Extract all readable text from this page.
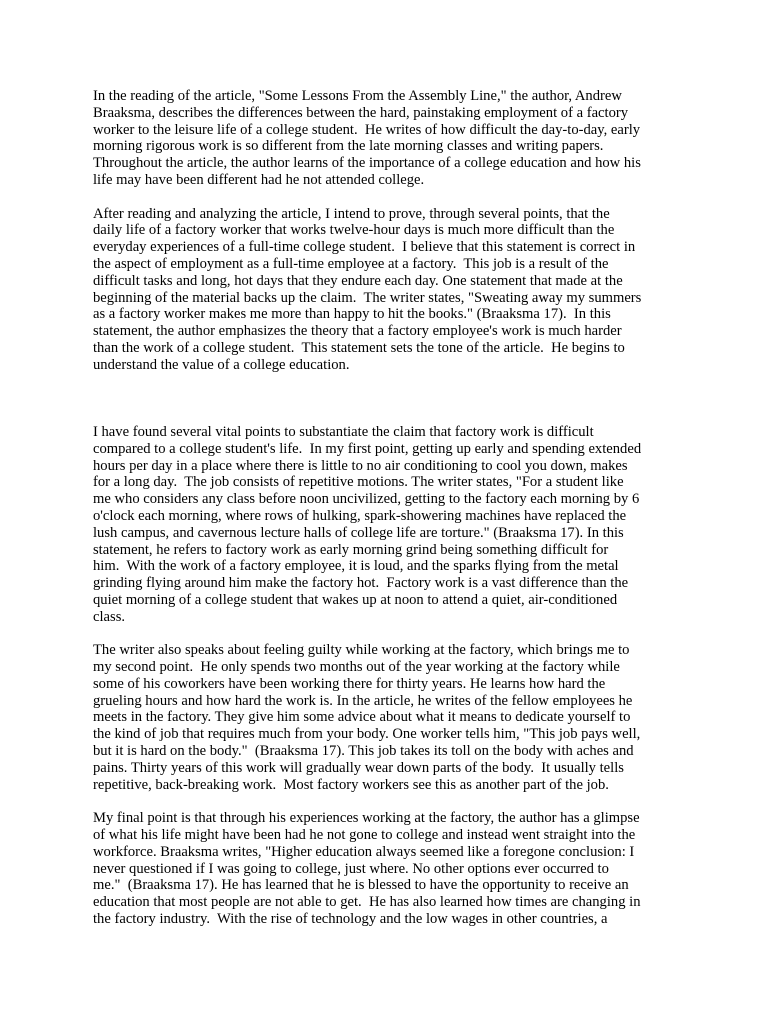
In the reading of the article, "Some Lessons From the Assembly Line," the author, Andrew
Braaksma, describes the differences between the hard, painstaking employment of a factory
worker to the leisure life of a college student.  He writes of how difficult the day-to-day, early
morning rigorous work is so different from the late morning classes and writing papers.
Throughout the article, the author learns of the importance of a college education and how his
life may have been different had he not attended college.
After reading and analyzing the article, I intend to prove, through several points, that the
daily life of a factory worker that works twelve-hour days is much more difficult than the
everyday experiences of a full-time college student.  I believe that this statement is correct in
the aspect of employment as a full-time employee at a factory.  This job is a result of the
difficult tasks and long, hot days that they endure each day. One statement that made at the
beginning of the material backs up the claim.  The writer states, "Sweating away my summers
as a factory worker makes me more than happy to hit the books." (Braaksma 17).  In this
statement, the author emphasizes the theory that a factory employee's work is much harder
than the work of a college student.  This statement sets the tone of the article.  He begins to
understand the value of a college education.
I have found several vital points to substantiate the claim that factory work is difficult
compared to a college student's life.  In my first point, getting up early and spending extended
hours per day in a place where there is little to no air conditioning to cool you down, makes
for a long day.  The job consists of repetitive motions. The writer states, "For a student like
me who considers any class before noon uncivilized, getting to the factory each morning by 6
o'clock each morning, where rows of hulking, spark-showering machines have replaced the
lush campus, and cavernous lecture halls of college life are torture." (Braaksma 17). In this
statement, he refers to factory work as early morning grind being something difficult for
him.  With the work of a factory employee, it is loud, and the sparks flying from the metal
grinding flying around him make the factory hot.  Factory work is a vast difference than the
quiet morning of a college student that wakes up at noon to attend a quiet, air-conditioned
class.
The writer also speaks about feeling guilty while working at the factory, which brings me to
my second point.  He only spends two months out of the year working at the factory while
some of his coworkers have been working there for thirty years. He learns how hard the
grueling hours and how hard the work is. In the article, he writes of the fellow employees he
meets in the factory. They give him some advice about what it means to dedicate yourself to
the kind of job that requires much from your body. One worker tells him, "This job pays well,
but it is hard on the body."  (Braaksma 17). This job takes its toll on the body with aches and
pains. Thirty years of this work will gradually wear down parts of the body.  It usually tells
repetitive, back-breaking work.  Most factory workers see this as another part of the job.
My final point is that through his experiences working at the factory, the author has a glimpse
of what his life might have been had he not gone to college and instead went straight into the
workforce. Braaksma writes, "Higher education always seemed like a foregone conclusion: I
never questioned if I was going to college, just where. No other options ever occurred to
me."  (Braaksma 17). He has learned that he is blessed to have the opportunity to receive an
education that most people are not able to get.  He has also learned how times are changing in
the factory industry.  With the rise of technology and the low wages in other countries, a
